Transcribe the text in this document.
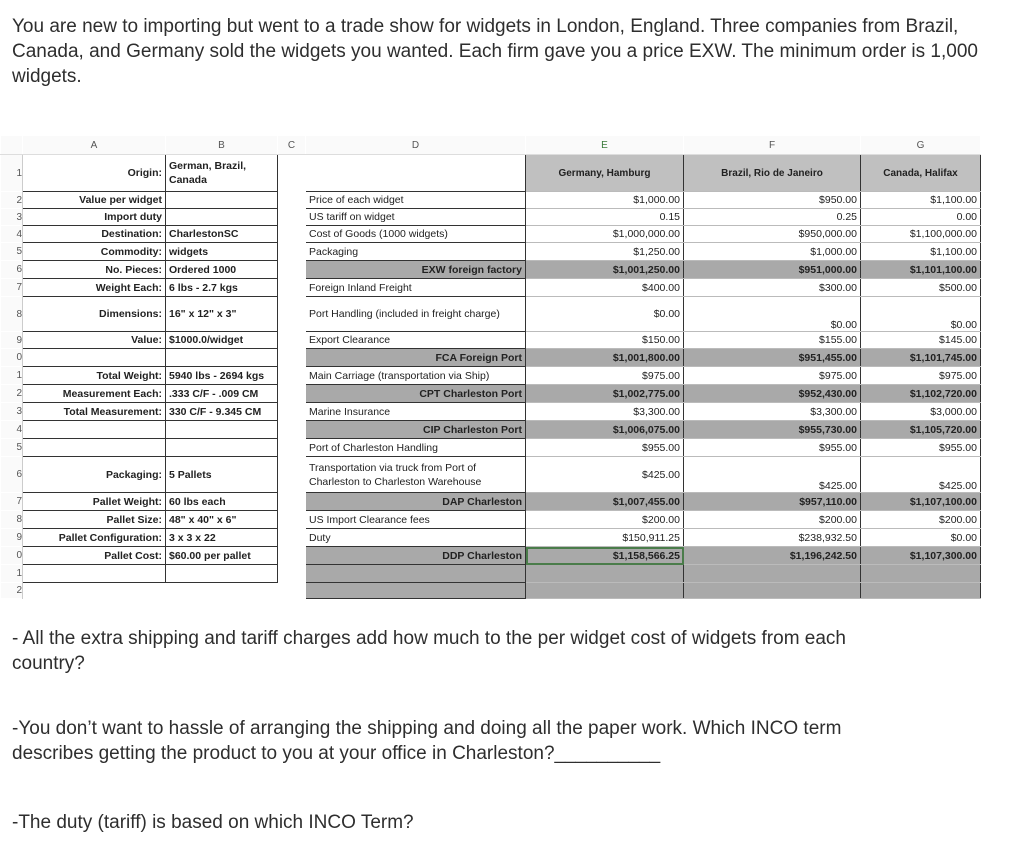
You are new to importing but went to a trade show for widgets in London, England. Three companies from Brazil, Canada, and Germany sold the widgets you wanted. Each firm gave you a price EXW. The minimum order is 1,000 widgets.

	A	B	C	D	E	F	G
1	Origin:	German, Brazil, Canada			Germany, Hamburg	Brazil, Rio de Janeiro	Canada, Halifax
2	Value per widget			Price of each widget	$1,000.00	$950.00	$1,100.00
3	Import duty			US tariff on widget	0.15	0.25	0.00
4	Destination:	CharlestonSC		Cost of Goods (1000 widgets)	$1,000,000.00	$950,000.00	$1,100,000.00
5	Commodity:	widgets		Packaging	$1,250.00	$1,000.00	$1,100.00
6	No. Pieces:	Ordered 1000		EXW foreign factory	$1,001,250.00	$951,000.00	$1,101,100.00
7	Weight Each:	6 lbs - 2.7 kgs		Foreign Inland Freight	$400.00	$300.00	$500.00
8	Dimensions:	16" x 12" x 3"		Port Handling (included in freight charge)	$0.00	$0.00	$0.00
9	Value:	$1000.0/widget		Export Clearance	$150.00	$155.00	$145.00
0				FCA Foreign Port	$1,001,800.00	$951,455.00	$1,101,745.00
1	Total Weight:	5940 lbs - 2694 kgs		Main Carriage (transportation via Ship)	$975.00	$975.00	$975.00
2	Measurement Each:	.333 C/F - .009 CM		CPT Charleston Port	$1,002,775.00	$952,430.00	$1,102,720.00
3	Total Measurement:	330 C/F - 9.345 CM		Marine Insurance	$3,300.00	$3,300.00	$3,000.00
4				CIP Charleston Port	$1,006,075.00	$955,730.00	$1,105,720.00
5				Port of Charleston Handling	$955.00	$955.00	$955.00
6	Packaging:	5 Pallets		Transportation via truck from Port of Charleston to Charleston Warehouse	$425.00	$425.00	$425.00
7	Pallet Weight:	60 lbs each		DAP Charleston	$1,007,455.00	$957,110.00	$1,107,100.00
8	Pallet Size:	48" x 40" x 6"		US Import Clearance fees	$200.00	$200.00	$200.00
9	Pallet Configuration:	3 x 3 x 22		Duty	$150,911.25	$238,932.50	$0.00
0	Pallet Cost:	$60.00 per pallet		DDP Charleston	$1,158,566.25	$1,196,242.50	$1,107,300.00
1							
2							

- All the extra shipping and tariff charges add how much to the per widget cost of widgets from each country?

-You don’t want to hassle of arranging the shipping and doing all the paper work. Which INCO term describes getting the product to you at your office in Charleston?__________

-The duty (tariff) is based on which INCO Term?
